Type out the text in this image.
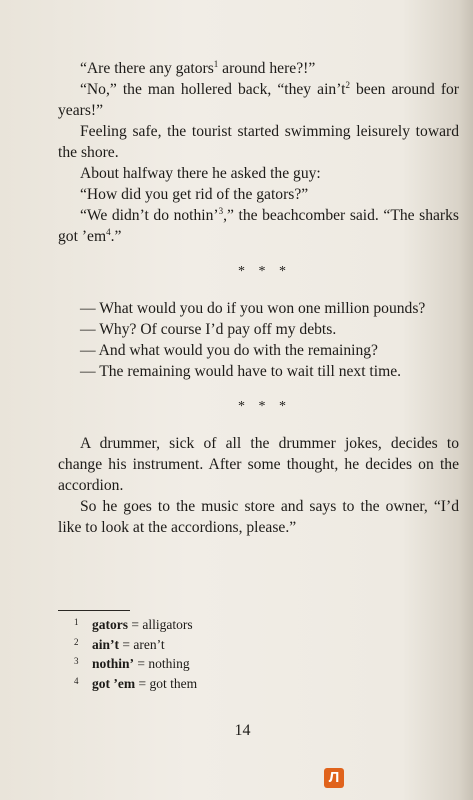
“Are there any gators$^1$ around here?!”

“No,” the man hollered back, “they $ain’t^2$ been around for years!”

Feeling safe, the tourist started swimming leisurely toward the shore.

About halfway there he asked the guy:

“How did you get rid of the gators?”

“We didn’t do nothin’$^3$,” the beachcomber said. “The sharks got $’em^4$.”

* * *

— What would you do if you won one million pounds?

— Why? Of course I’d pay off my debts.

— And what would you do with the remaining?

— The remaining would have to wait till next time.

* * *

A drummer, sick of all the drummer jokes, decides to change his instrument. After some thought, he decides on the accordion.

So he goes to the music store and says to the owner, “I’d like to look at the accordions, please.”

1 gators = alligators
2 ain’t = aren’t
3 nothin’ = nothing
4 got ’em = got them
14
Л
